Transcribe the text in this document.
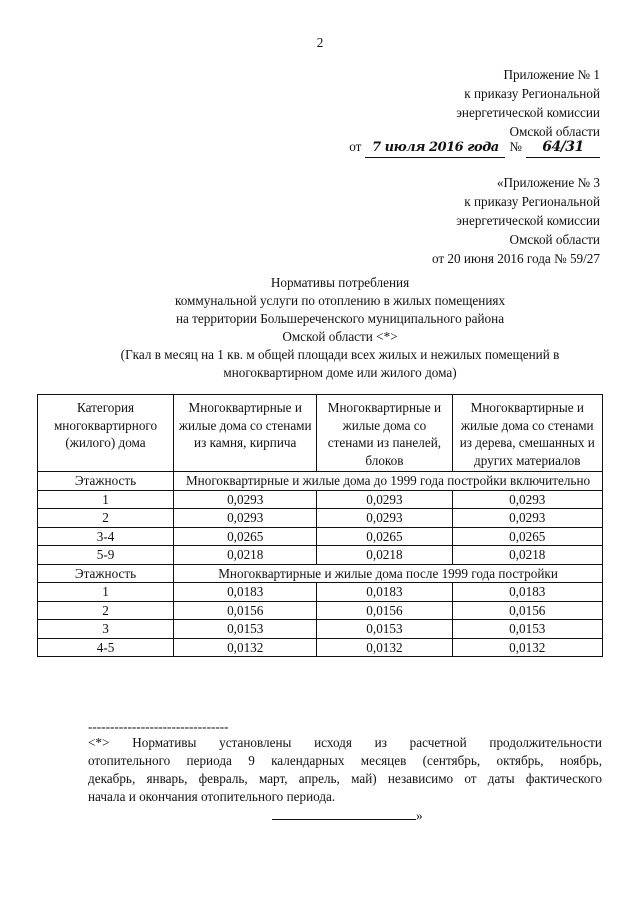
2
Приложение № 1
к приказу Региональной
энергетической комиссии
Омской области
от 7 июля 2016 года №	64/31
«Приложение № 3
к приказу Региональной
энергетической комиссии
Омской области
от 20 июня 2016 года № 59/27
Нормативы потребления
коммунальной услуги по отоплению в жилых помещениях
на территории Большереченского муниципального района
Омской области <*>
(Гкал в месяц на 1 кв. м общей площади всех жилых и нежилых помещений в
многоквартирном доме или жилого дома)
Категория многоквартирного (жилого) дома	Многоквартирные и жилые дома со стенами из камня, кирпича	Многоквартирные и жилые дома со стенами из панелей, блоков	Многоквартирные и жилые дома со стенами из дерева, смешанных и других материалов
Этажность	Многоквартирные и жилые дома до 1999 года постройки включительно		
1	0,0293	0,0293	0,0293
2	0,0293	0,0293	0,0293
3-4	0,0265	0,0265	0,0265
5-9	0,0218	0,0218	0,0218
Этажность	Многоквартирные и жилые дома после 1999 года постройки		
1	0,0183	0,0183	0,0183
2	0,0156	0,0156	0,0156
3	0,0153	0,0153	0,0153
4-5	0,0132	0,0132	0,0132
--------------------------------
<*> Нормативы установлены исходя из расчетной продолжительности
отопительного периода 9 календарных месяцев (сентябрь, октябрь, ноябрь,
декабрь, январь, февраль, март, апрель, май) независимо от даты фактического
начала и окончания отопительного периода.
»
